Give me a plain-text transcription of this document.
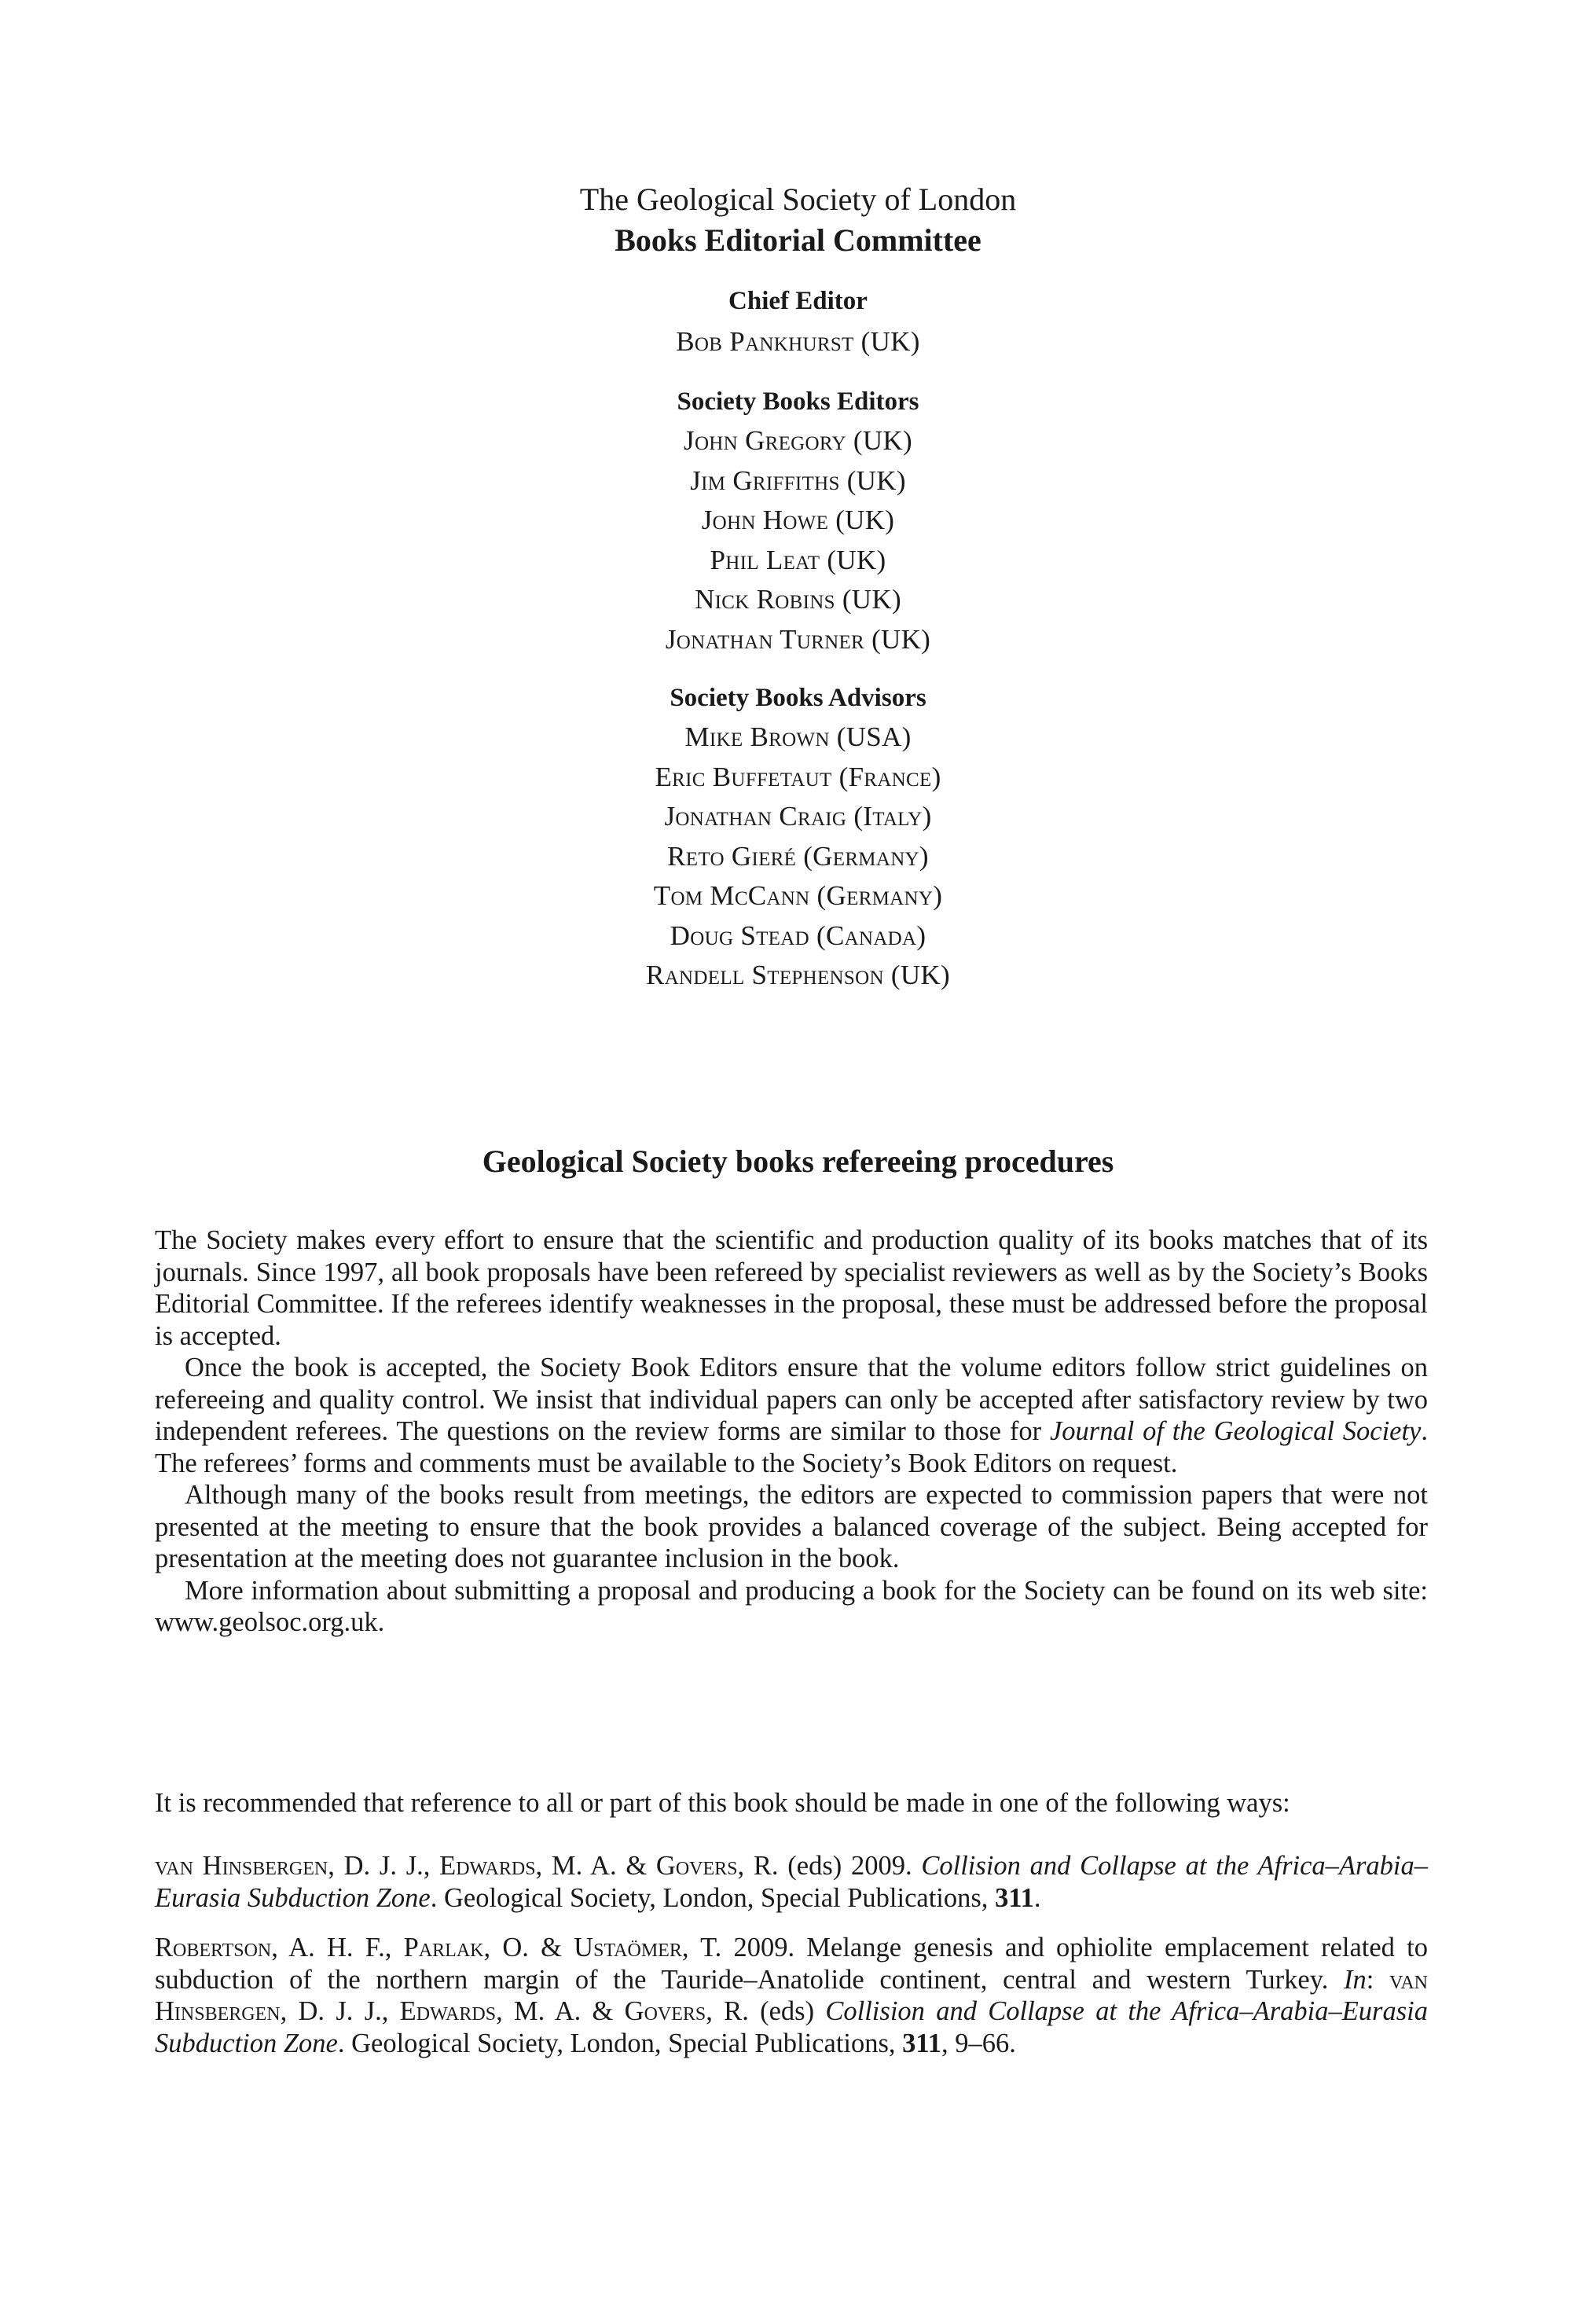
The Geological Society of London
Books Editorial Committee
Chief Editor
Bob Pankhurst (UK)
Society Books Editors
John Gregory (UK)
Jim Griffiths (UK)
John Howe (UK)
Phil Leat (UK)
Nick Robins (UK)
Jonathan Turner (UK)
Society Books Advisors
Mike Brown (USA)
Eric Buffetaut (France)
Jonathan Craig (Italy)
Reto Gieré (Germany)
Tom McCann (Germany)
Doug Stead (Canada)
Randell Stephenson (UK)
Geological Society books refereeing procedures

The Society makes every effort to ensure that the scientific and production quality of its books matches that of its journals. Since 1997, all book proposals have been refereed by specialist reviewers as well as by the Society’s Books Editorial Committee. If the referees identify weaknesses in the proposal, these must be addressed before the proposal is accepted.

Once the book is accepted, the Society Book Editors ensure that the volume editors follow strict guidelines on refereeing and quality control. We insist that individual papers can only be accepted after satisfactory review by two independent referees. The questions on the review forms are similar to those for Journal of the Geological Society. The referees’ forms and comments must be available to the Society’s Book Editors on request.

Although many of the books result from meetings, the editors are expected to commission papers that were not presented at the meeting to ensure that the book provides a balanced coverage of the subject. Being accepted for presentation at the meeting does not guarantee inclusion in the book.

More information about submitting a proposal and producing a book for the Society can be found on its web site: www.geolsoc.org.uk.

It is recommended that reference to all or part of this book should be made in one of the following ways:

van Hinsbergen, D. J. J., Edwards, M. A. & Govers, R. (eds) 2009. Collision and Collapse at the Africa–Arabia–Eurasia Subduction Zone. Geological Society, London, Special Publications, 311.

Robertson, A. H. F., Parlak, O. & Ustaömer, T. 2009. Melange genesis and ophiolite emplacement related to subduction of the northern margin of the Tauride–Anatolide continent, central and western Turkey. In: van Hinsbergen, D. J. J., Edwards, M. A. & Govers, R. (eds) Collision and Collapse at the Africa–Arabia–Eurasia Subduction Zone. Geological Society, London, Special Publications, 311, 9–66.
